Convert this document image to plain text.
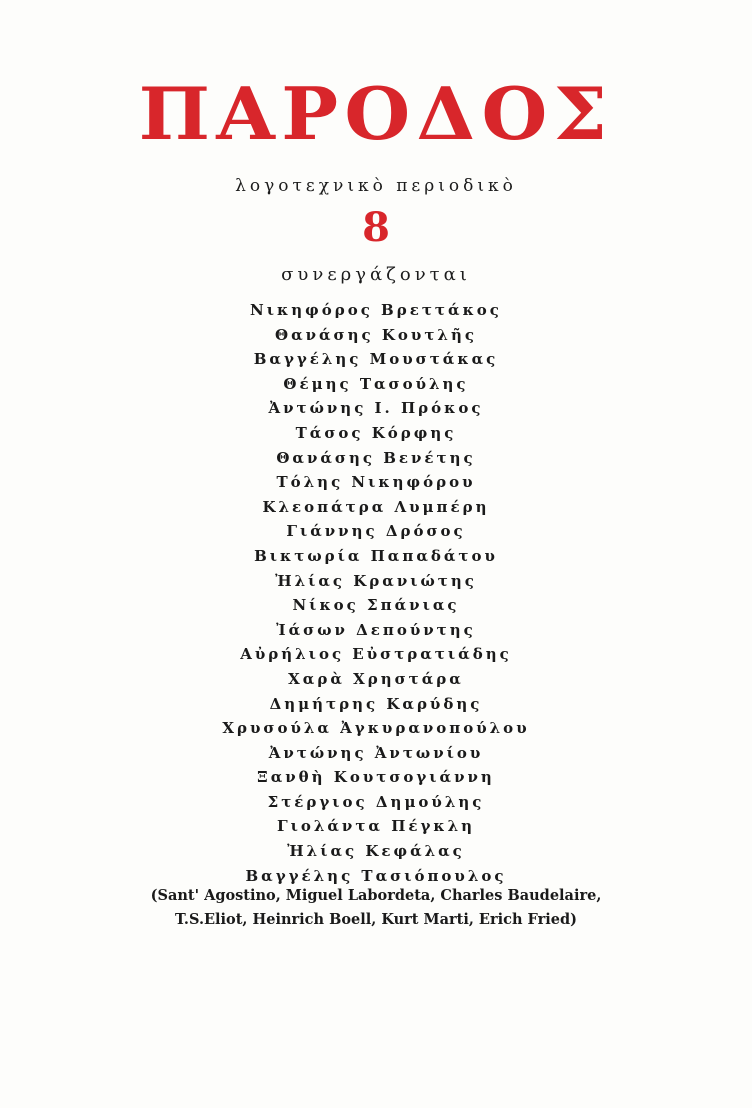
ΠΑΡΟΔΟΣ
λογοτεχνικὸ περιοδικὸ
8
συνεργάζονται
Νικηφόρος Βρεττάκος
Θανάσης Κουτλῆς
Βαγγέλης Μουστάκας
Θέμης Τασούλης
Ἀντώνης Ι. Πρόκος
Τάσος Κόρφης
Θανάσης Βενέτης
Τόλης Νικηφόρου
Κλεοπάτρα Λυμπέρη
Γιάννης Δρόσος
Βικτωρία Παπαδάτου
Ἠλίας Κρανιώτης
Νίκος Σπάνιας
Ἰάσων Δεπούντης
Αὐρήλιος Εὐστρατιάδης
Χαρὰ Χρηστάρα
Δημήτρης Καρύδης
Χρυσούλα Ἀγκυρανοπούλου
Ἀντώνης Ἀντωνίου
Ξανθὴ Κουτσογιάννη
Στέργιος Δημούλης
Γιολάντα Πέγκλη
Ἠλίας Κεφάλας
Βαγγέλης Τασιόπουλος
(Sant' Agostino, Miguel Labordeta, Charles Baudelaire,
T.S.Eliot, Heinrich Boell, Kurt Marti, Erich Fried)
